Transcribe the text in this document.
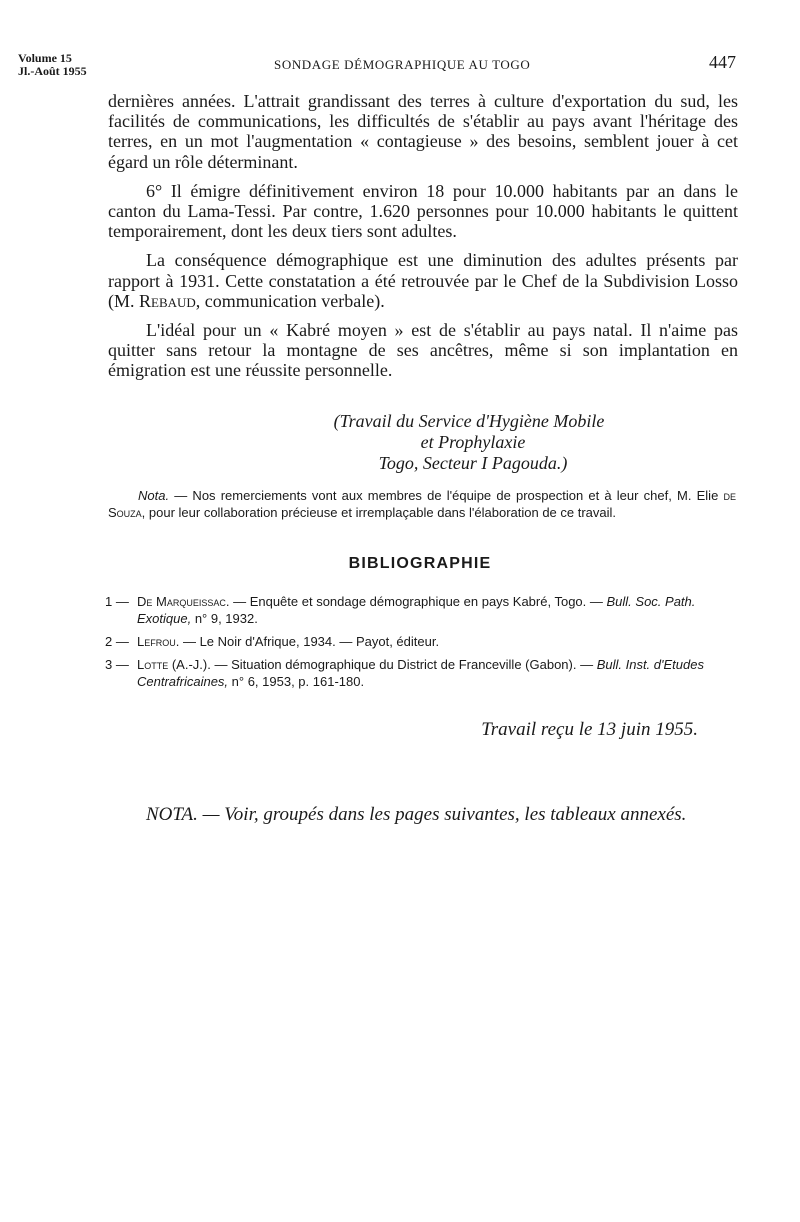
Volume 15
Jl.-Août 1955	SONDAGE DÉMOGRAPHIQUE AU TOGO	447

dernières années. L'attrait grandissant des terres à culture d'exportation du sud, les facilités de communications, les difficultés de s'établir au pays avant l'héritage des terres, en un mot l'augmentation « contagieuse » des besoins, semblent jouer à cet égard un rôle déterminant.

6° Il émigre définitivement environ 18 pour 10.000 habitants par an dans le canton du Lama-Tessi. Par contre, 1.620 personnes pour 10.000 habitants le quittent temporairement, dont les deux tiers sont adultes.

La conséquence démographique est une diminution des adultes présents par rapport à 1931. Cette constatation a été retrouvée par le Chef de la Subdivision Losso (M. Rebaud, communication verbale).

L'idéal pour un « Kabré moyen » est de s'établir au pays natal. Il n'aime pas quitter sans retour la montagne de ses ancêtres, même si son implantation en émigration est une réussite personnelle.

(Travail du Service d'Hygiène Mobile
et Prophylaxie
Togo, Secteur I Pagouda.)
Nota. — Nos remerciements vont aux membres de l'équipe de prospection et à leur chef, M. Elie de Souza, pour leur collaboration précieuse et irremplaçable dans l'élaboration de ce travail.
BIBLIOGRAPHIE
1 — De Marqueissac. — Enquête et sondage démographique en pays Kabré, Togo. — Bull. Soc. Path. Exotique, n° 9, 1932.
2 — Lefrou. — Le Noir d'Afrique, 1934. — Payot, éditeur.
3 — Lotte (A.-J.). — Situation démographique du District de Franceville (Gabon). — Bull. Inst. d'Etudes Centrafricaines, n° 6, 1953, p. 161-180.
Travail reçu le 13 juin 1955.
NOTA. — Voir, groupés dans les pages suivantes, les tableaux annexés.
